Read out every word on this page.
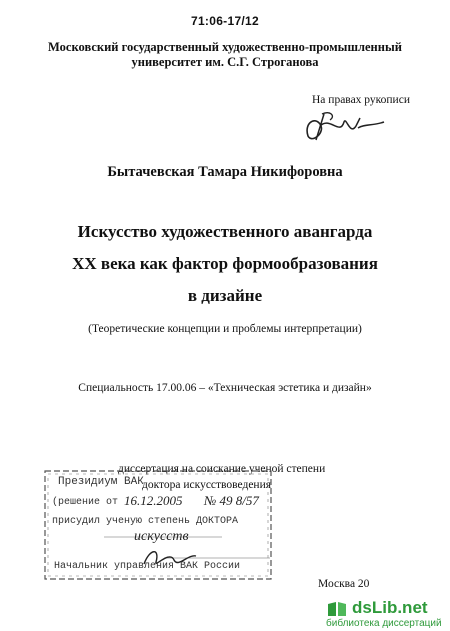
71:06-17/12
Московский государственный художественно-промышленный
университет им. С.Г. Строганова
На правах рукописи
Бытачевская Тамара Никифоровна
Искусство художественного авангарда
XX века как фактор формообразования
в дизайне
(Теоретические концепции и проблемы интерпретации)
Специальность 17.00.06 – «Техническая эстетика и дизайн»
диссертация на соискание ученой степени
доктора искусствоведения
Президиум ВАК
(решение от 16.12.2005 № 49 8/57
присудил ученую степень ДОКТОРА
искусств
Начальник управления ВАК России
Москва 20
dsLib.net
библиотека диссертаций
